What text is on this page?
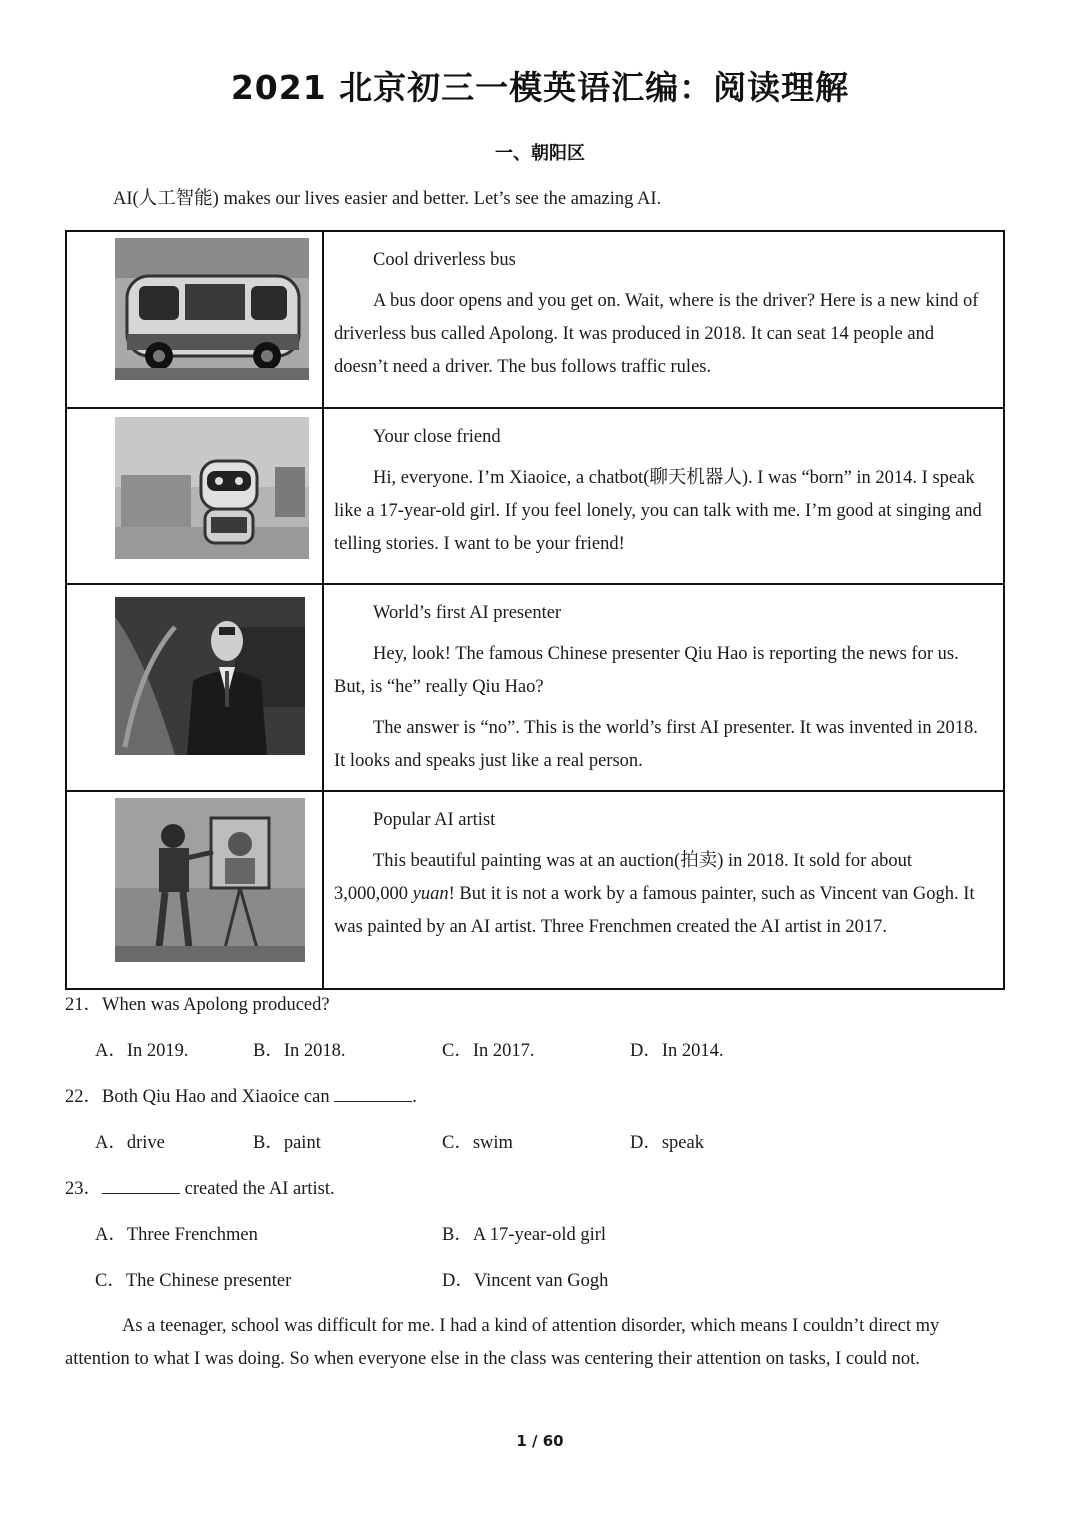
2021 北京初三一模英语汇编：阅读理解
一、朝阳区
AI(人工智能) makes our lives easier and better. Let’s see the amazing AI.

Cool driverless bus

A bus door opens and you get on. Wait, where is the driver? Here is a new kind of driverless bus called Apolong. It was produced in 2018. It can seat 14 people and doesn’t need a driver. The bus follows traffic rules.

Your close friend

Hi, everyone. I’m Xiaoice, a chatbot(聊天机器人). I was “born” in 2014. I speak like a 17-year-old girl. If you feel lonely, you can talk with me. I’m good at singing and telling stories. I want to be your friend!

World’s first AI presenter

Hey, look! The famous Chinese presenter Qiu Hao is reporting the news for us. But, is “he” really Qiu Hao?

The answer is “no”. This is the world’s first AI presenter. It was invented in 2018. It looks and speaks just like a real person.

Popular AI artist

This beautiful painting was at an auction(拍卖) in 2018. It sold for about 3,000,000 yuan! But it is not a work by a famous painter, such as Vincent van Gogh. It was painted by an AI artist. Three Frenchmen created the AI artist in 2017.

21．When was Apolong produced?
A．In 2019.	B．In 2018.	C．In 2017.	D．In 2014.
22．Both Qiu Hao and Xiaoice can	.
A．drive	B．paint	C．swim	D．speak
23．	created the AI artist.
A．Three Frenchmen	B．A 17-year-old girl
C．The Chinese presenter	D．Vincent van Gogh
As a teenager, school was difficult for me. I had a kind of attention disorder, which means I couldn’t direct my attention to what I was doing. So when everyone else in the class was centering their attention on tasks, I could not.
1 / 60
